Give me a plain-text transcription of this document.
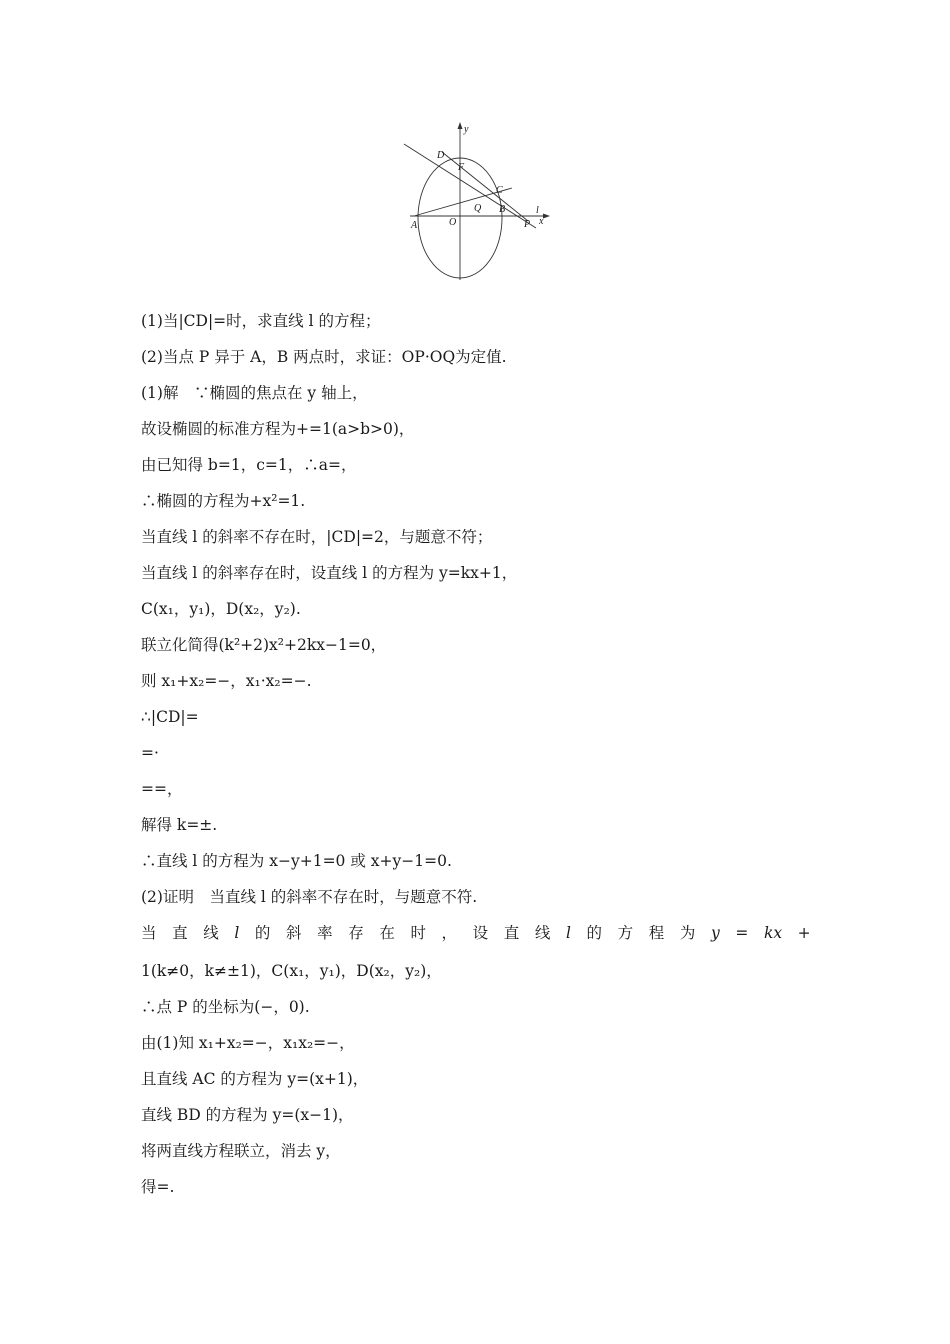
y
x
D
F
C
Q B
A	O	P
l
(1)当|CD|=时，求直线 l 的方程；
(2)当点 P 异于 A，B 两点时，求证：OP·OQ为定值.
(1)解　∵椭圆的焦点在 y 轴上，
故设椭圆的标准方程为+=1(a>b>0)，
由已知得 b=1，c=1，∴a=，
∴椭圆的方程为+x²=1.
当直线 l 的斜率不存在时，|CD|=2，与题意不符；
当直线 l 的斜率存在时，设直线 l 的方程为 y=kx+1，
C(x₁，y₁)，D(x₂，y₂).
联立化简得(k²+2)x²+2kx−1=0，
则 x₁+x₂=−，x₁·x₂=−.
∴|CD|=
=·
==，
解得 k=±.
∴直线 l 的方程为 x−y+1=0 或 x+y−1=0.
(2)证明　当直线 l 的斜率不存在时，与题意不符.
当 直 线 l 的 斜 率 存 在 时 ， 设 直 线 l 的 方 程 为 y = kx +
1(k≠0，k≠±1)，C(x₁，y₁)，D(x₂，y₂)，
∴点 P 的坐标为(−，0).
由(1)知 x₁+x₂=−，x₁x₂=−，
且直线 AC 的方程为 y=(x+1)，
直线 BD 的方程为 y=(x−1)，
将两直线方程联立，消去 y，
得=.
